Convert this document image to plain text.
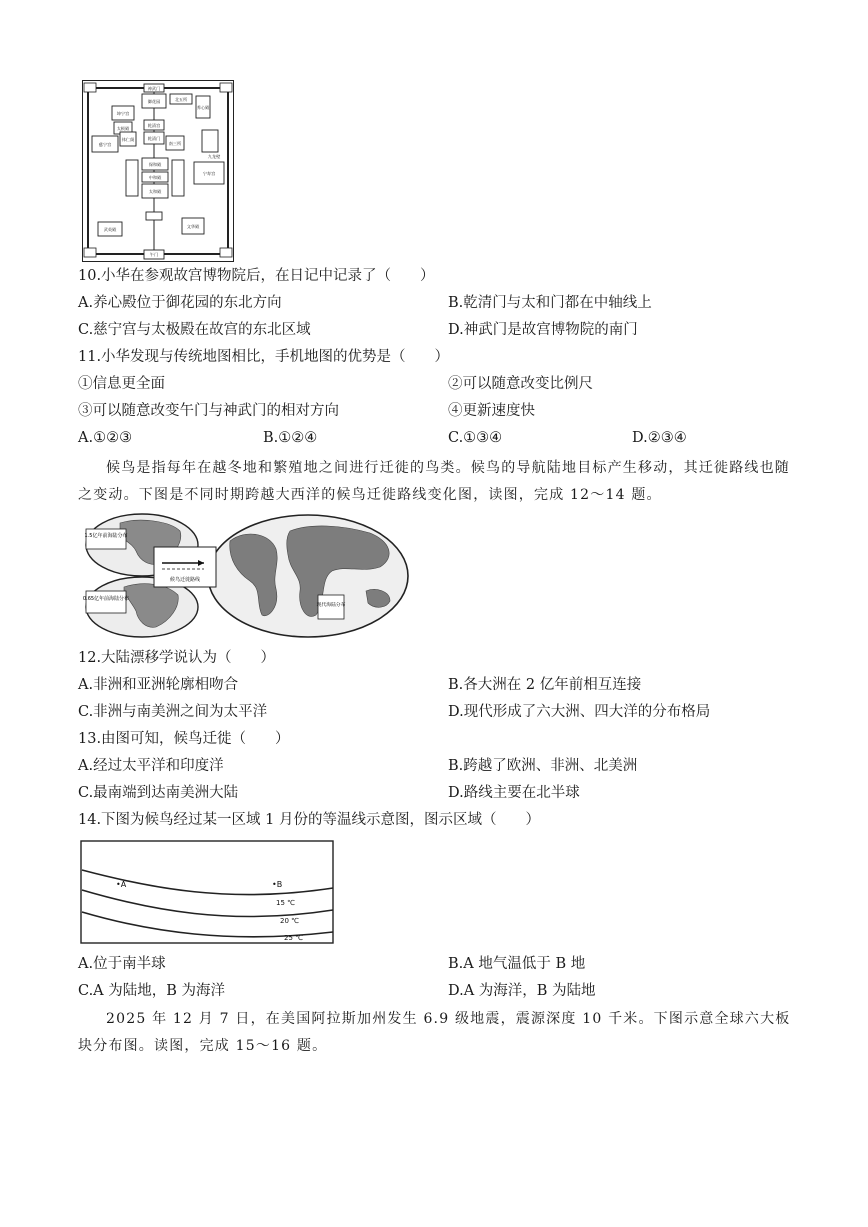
神武门
北五所
御花园
养心殿
坤宁宫
乾清宫
太极殿
体仁阁
慈宁宫
保和殿
中和殿
太和殿
乾清门
宁寿宫
九龙壁
文华殿
武英殿
午门
南三所
10.小华在参观故宫博物院后，在日记中记录了（　　）
A.养心殿位于御花园的东北方向	B.乾清门与太和门都在中轴线上
C.慈宁宫与太极殿在故宫的东北区域	D.神武门是故宫博物院的南门
11.小华发现与传统地图相比，手机地图的优势是（　　）
①信息更全面	②可以随意改变比例尺
③可以随意改变午门与神武门的相对方向	④更新速度快
A.①②③	B.①②④	C.①③④	D.②③④
候鸟是指每年在越冬地和繁殖地之间进行迁徙的鸟类。候鸟的导航陆地目标产生移动，其迁徙路线也随之变动。下图是不同时期跨越大西洋的候鸟迁徙路线变化图，读图，完成 12～14 题。
1.5亿年前海陆分布
0.65亿年前海陆分布
候鸟迁徙路线
现代海陆分布
12.大陆漂移学说认为（　　）
A.非洲和亚洲轮廓相吻合	B.各大洲在 2 亿年前相互连接
C.非洲与南美洲之间为太平洋	D.现代形成了六大洲、四大洋的分布格局
13.由图可知，候鸟迁徙（　　）
A.经过太平洋和印度洋	B.跨越了欧洲、非洲、北美洲
C.最南端到达南美洲大陆	D.路线主要在北半球
14.下图为候鸟经过某一区域 1 月份的等温线示意图，图示区域（　　）
•A	•B
15 ℃
20 ℃
25 ℃
A.位于南半球	B.A 地气温低于 B 地
C.A 为陆地，B 为海洋	D.A 为海洋，B 为陆地
2025 年 12 月 7 日，在美国阿拉斯加州发生 6.9 级地震，震源深度 10 千米。下图示意全球六大板块分布图。读图，完成 15～16 题。
